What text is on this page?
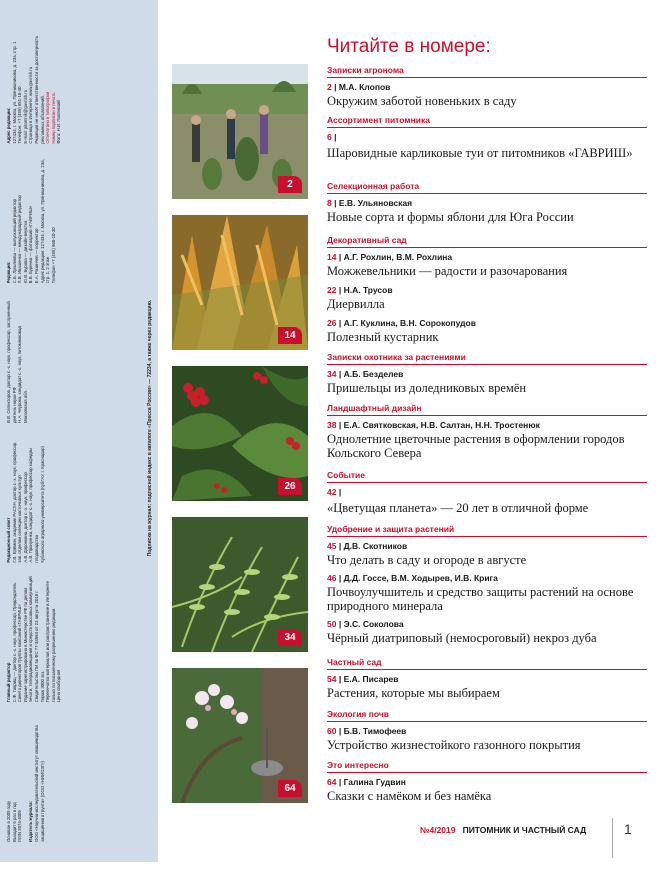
Основан в 2009 году
Выходит 6 раз в год
ISSN 2074-4005 Издатель журнала: ООО «Научно-исследовательский институт овощеводства защищённого грунта» (ООО «НИИОЗГ»)
Главный редактор С.Ф. Гаврищ — доктор с.-х. наук, профессор, Председатель Совета директоров Группы компаний «ГАВРИШ»
Издание зарегистрировано в Министерстве РФ по делам печати, телерадиовещания и средств массовых коммуникаций
Свидетельство ПИ № ФС 77-34563 от 23 августа 2018 г.
Тираж 3000 экз.
Перепечатка материалов или распространение в Интернете только по письменному разрешению редакции.
Цена свободная
Редакционный совет Г.В. Ерёмин, академик РАСХН, доктор с.-х. наук, профессор, зав. отделом селекции косточковых культур
А.В. Доронкина, доктор с.-х. наук, профессор
А.В. Пронуенко, кандидат с.-х. наук, профессор кафедры плодоводства
Кубанского аграрного университета (КубГАУ, г. Краснодар)
В.В. Селекторов, доктор с.-х. наук, профессор, заслуженный деятель науки РФ
Н.А. Чеурова, кандидат с.-х. наук, питомниковод
Московская обл.
Редакция: С.Б. Лукьянова — выпускающий редактор
Л.В. Ивашенко — международный редактор
Ю.В. Бурова — дизайн-верстка
В.В. Буренко — фотоархив «ГАВРИШ»
Е.А. Розинчев — корректор
Адрес редакции: 127434, г. Москва, ул. Прянишникова, д. 23а, стр. 1, 2 этаж
Телефон +7 (495) 968-10-30
Адрес редакции: 127434, г. Москва, ул. Прянишникова, д. 23а, стр. 1
Телефон: +7 (495) 651-16-40
E-mail: pitomnik@gavrish.ru
Страница в Интернете: www.gavrish.ru
Редакция не несёт ответственности за достоверность рекламных объявлений.
Отпечатано в типографии
Номер подписан в печать
Фото: Н.И. Полянский
Подписка на журнал: подписной индекс в каталоге «Пресса России» — 72234, а также через редакцию.
2
14
26
34
64
Читайте в номере:
Записки агронома
2 | М.А. Клопов
Окружим заботой новеньких в саду
Ассортимент питомника
6 |
Шаровидные карликовые туи от питомников «ГАВРИШ»
Селекционная работа
8 | Е.В. Ульяновская
Новые сорта и формы яблони для Юга России
Декоративный сад
14 | А.Г. Рохлин, В.М. Рохлина
Можжевельники — радости и разочарования
22 | Н.А. Трусов
Диервилла
26 | А.Г. Куклина, В.Н. Сорокопудов
Полезный кустарник
Записки охотника за растениями
34 | А.Б. Безделев
Пришельцы из доледниковых времён
Ландшафтный дизайн
38 | Е.А. Святковская, Н.В. Салтан, Н.Н. Тростенюк
Однолетние цветочные растения в оформлении городов Кольского Севера
Событие
42 |
«Цветущая планета» — 20 лет в отличной форме
Удобрение и защита растений
45 | Д.В. Скотников
Что делать в саду и огороде в августе
46 | Д.Д. Госсе, В.М. Ходырев, И.В. Крига
Почвоулучшитель и средство защиты растений на основе природного минерала
50 | Э.С. Соколова
Чёрный диатриповый (немосporовый) некроз дуба
Частный сад
54 | Е.А. Писарев
Растения, которые мы выбираем
Экология почв
60 | Б.В. Тимофеев
Устройство жизнестойкого газонного покрытия
Это интересно
64 | Галина Гудвин
Сказки с намёком и без намёка
№4/2019 ПИТОМНИК И ЧАСТНЫЙ САД	1
